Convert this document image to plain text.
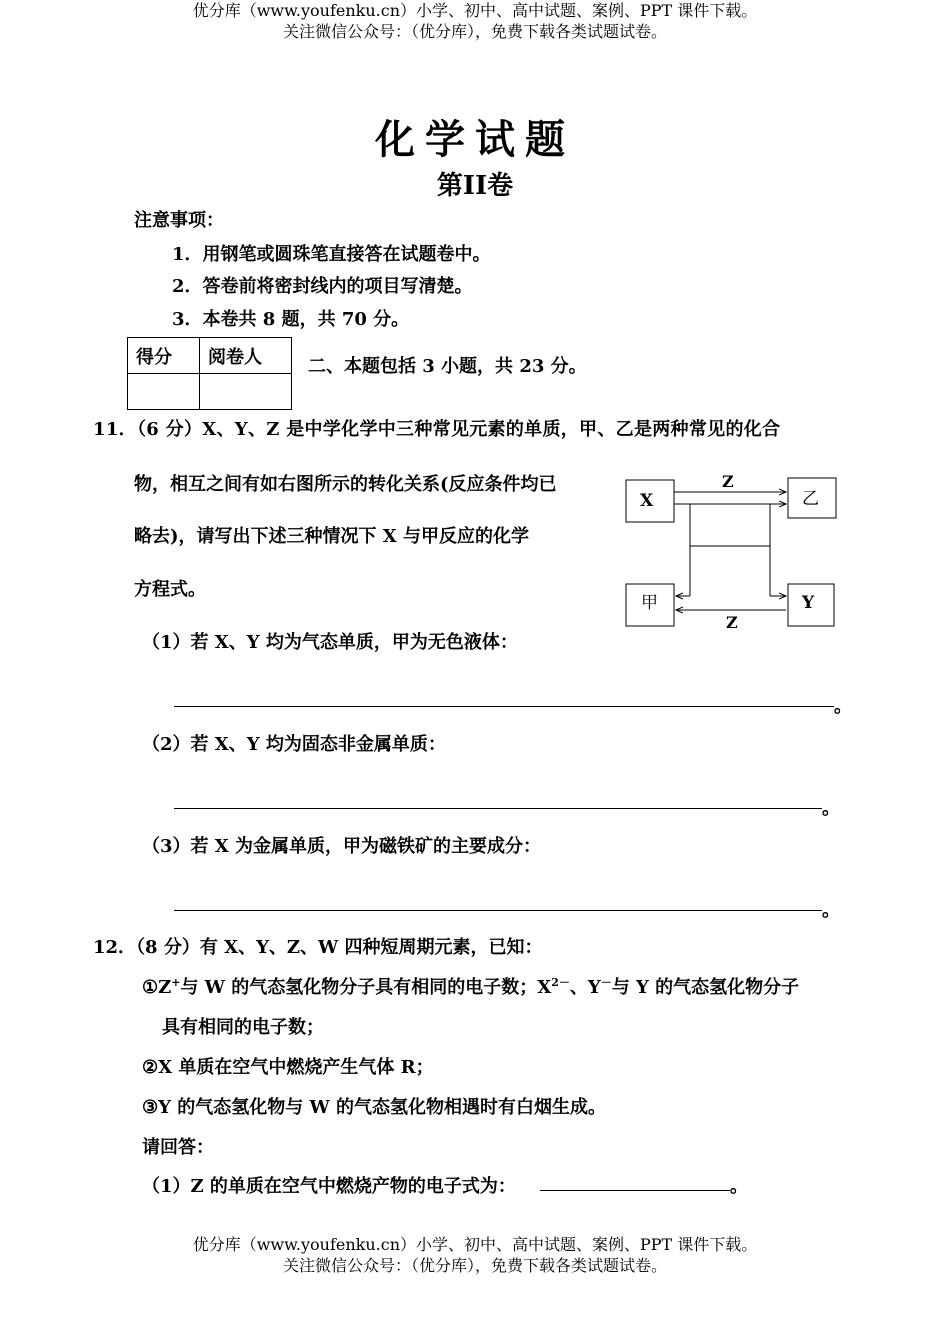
优分库（www.youfenku.cn）小学、初中、高中试题、案例、PPT 课件下载。
关注微信公众号：（优分库），免费下载各类试题试卷。
化学试题
第II卷
注意事项：
1．用钢笔或圆珠笔直接答在试题卷中。
2．答卷前将密封线内的项目写清楚。
3．本卷共 8 题，共 70 分。
得分	阅卷人
		二、本题包括 3 小题，共 23 分。
11．（6 分）X、Y、Z 是中学化学中三种常见元素的单质，甲、乙是两种常见的化合
物，相互之间有如右图所示的转化关系(反应条件均已
略去)，请写出下述三种情况下 X 与甲反应的化学
方程式。
X	乙
甲	Y
Z
Z
（1）若 X、Y 均为气态单质，甲为无色液体：
。
（2）若 X、Y 均为固态非金属单质：
。
（3）若 X 为金属单质，甲为磁铁矿的主要成分：
。
12．（8 分）有 X、Y、Z、W 四种短周期元素，已知：
①Z+与 W 的气态氢化物分子具有相同的电子数；$X^{2-}$、Y－与 Y 的气态氢化物分子
具有相同的电子数；
②X 单质在空气中燃烧产生气体 R；
③Y 的气态氢化物与 W 的气态氢化物相遇时有白烟生成。
请回答：
（1）Z 的单质在空气中燃烧产物的电子式为：	。
优分库（www.youfenku.cn）小学、初中、高中试题、案例、PPT 课件下载。
关注微信公众号：（优分库），免费下载各类试题试卷。
